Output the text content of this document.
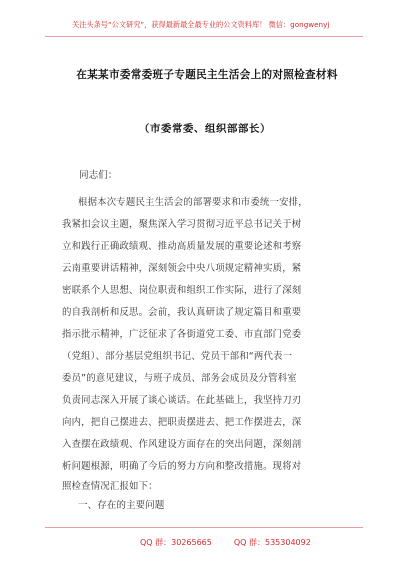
关注头条号“公文研究”，获得最新最全最专业的公文资料库！ 微信：gongwenyj
在某某市委常委班子专题民主生活会上的对照检查材料
（市委常委、组织部部长）
同志们：
根据本次专题民主生活会的部署要求和市委统一安排，
我紧扣会议主题，聚焦深入学习贯彻习近平总书记关于树
立和践行正确政绩观、推动高质量发展的重要论述和考察
云南重要讲话精神，深刻领会中央八项规定精神实质，紧
密联系个人思想、岗位职责和组织工作实际，进行了深刻
的自我剖析和反思。会前，我认真研读了规定篇目和重要
指示批示精神，广泛征求了各街道党工委、市直部门党委
（党组）、部分基层党组织书记、党员干部和“两代表一
委员”的意见建议，与班子成员、部务会成员及分管科室
负责同志深入开展了谈心谈话。在此基础上，我坚持刀刃
向内，把自己摆进去、把职责摆进去、把工作摆进去，深
入查摆在政绩观、作风建设方面存在的突出问题，深刻剖
析问题根源，明确了今后的努力方向和整改措施。现将对
照检查情况汇报如下：
一、存在的主要问题
QQ 群：30265665	QQ 群：535304092
